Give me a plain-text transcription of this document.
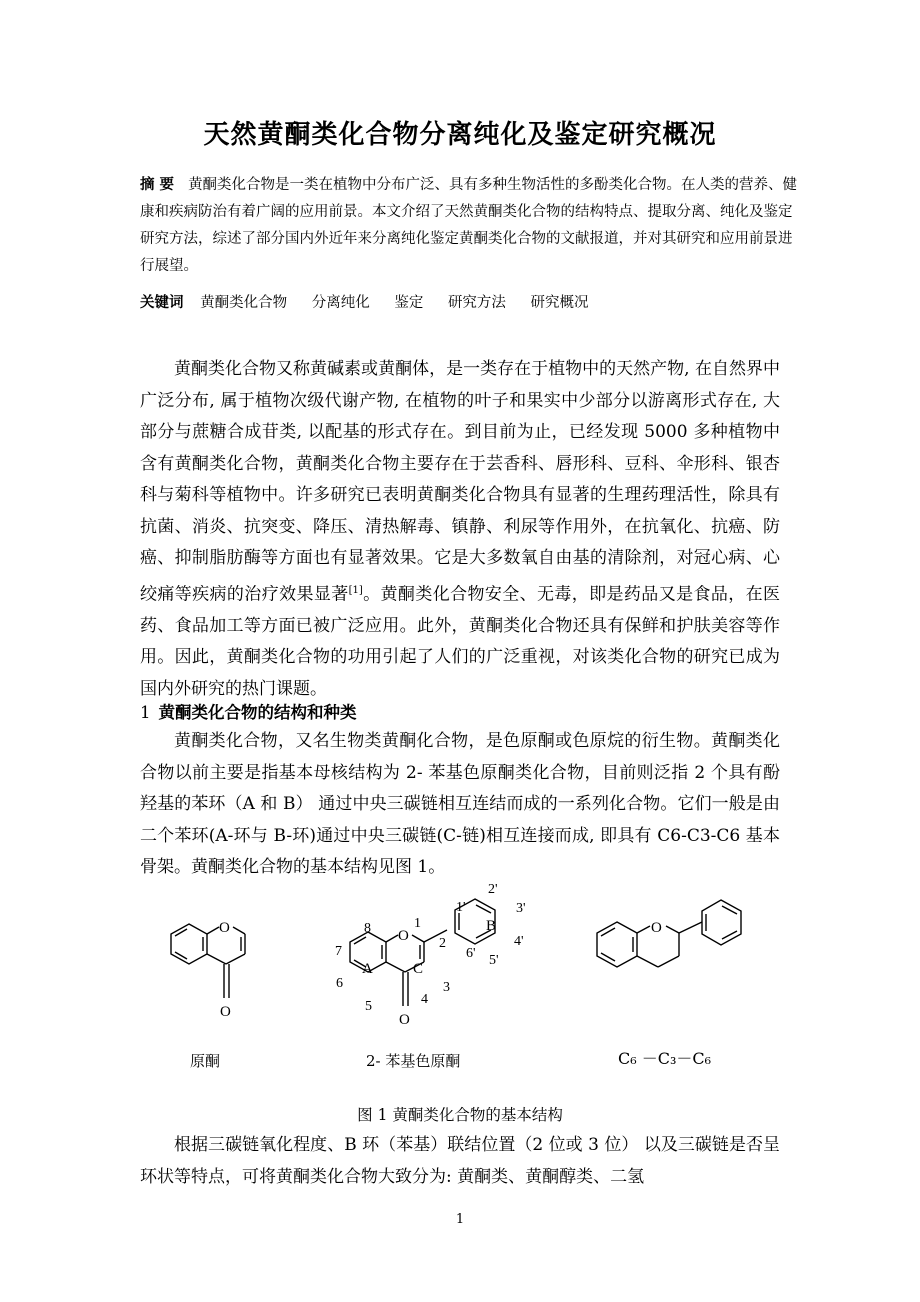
天然黄酮类化合物分离纯化及鉴定研究概况
摘 要 黄酮类化合物是一类在植物中分布广泛、具有多种生物活性的多酚类化合物。在人类的营养、健康和疾病防治有着广阔的应用前景。本文介绍了天然黄酮类化合物的结构特点、提取分离、纯化及鉴定研究方法，综述了部分国内外近年来分离纯化鉴定黄酮类化合物的文献报道，并对其研究和应用前景进行展望。
关键词 黄酮类化合物 分离纯化 鉴定 研究方法 研究概况

黄酮类化合物又称黄碱素或黄酮体，是一类存在于植物中的天然产物, 在自然界中广泛分布, 属于植物次级代谢产物, 在植物的叶子和果实中少部分以游离形式存在, 大部分与蔗糖合成苷类, 以配基的形式存在。到目前为止，已经发现 5000 多种植物中含有黄酮类化合物，黄酮类化合物主要存在于芸香科、唇形科、豆科、伞形科、银杏科与菊科等植物中。许多研究已表明黄酮类化合物具有显著的生理药理活性，除具有抗菌、消炎、抗突变、降压、清热解毒、镇静、利尿等作用外，在抗氧化、抗癌、防癌、抑制脂肪酶等方面也有显著效果。它是大多数氧自由基的清除剂，对冠心病、心绞痛等疾病的治疗效果显著[1]。黄酮类化合物安全、无毒，即是药品又是食品，在医药、食品加工等方面已被广泛应用。此外，黄酮类化合物还具有保鲜和护肤美容等作用。因此，黄酮类化合物的功用引起了人们的广泛重视，对该类化合物的研究已成为国内外研究的热门课题。

1 黄酮类化合物的结构和种类

黄酮类化合物，又名生物类黄酮化合物，是色原酮或色原烷的衍生物。黄酮类化合物以前主要是指基本母核结构为 2- 苯基色原酮类化合物，目前则泛指 2 个具有酚羟基的苯环（A 和 B） 通过中央三碳链相互连结而成的一系列化合物。它们一般是由二个苯环(A-环与 B-环)通过中央三碳链(C-链)相互连接而成, 即具有 C6-C3-C6 基本骨架。黄酮类化合物的基本结构见图 1。

O
O
O
O
A	C
B
1
2
3
4
5
6
7
8
1'
2'
3'
4'
5'
6'
O
原酮	2- 苯基色原酮	C₆ －C₃－C₆
图 1 黄酮类化合物的基本结构

根据三碳链氧化程度、B 环（苯基）联结位置（2 位或 3 位） 以及三碳链是否呈环状等特点，可将黄酮类化合物大致分为: 黄酮类、黄酮醇类、二氢

1
